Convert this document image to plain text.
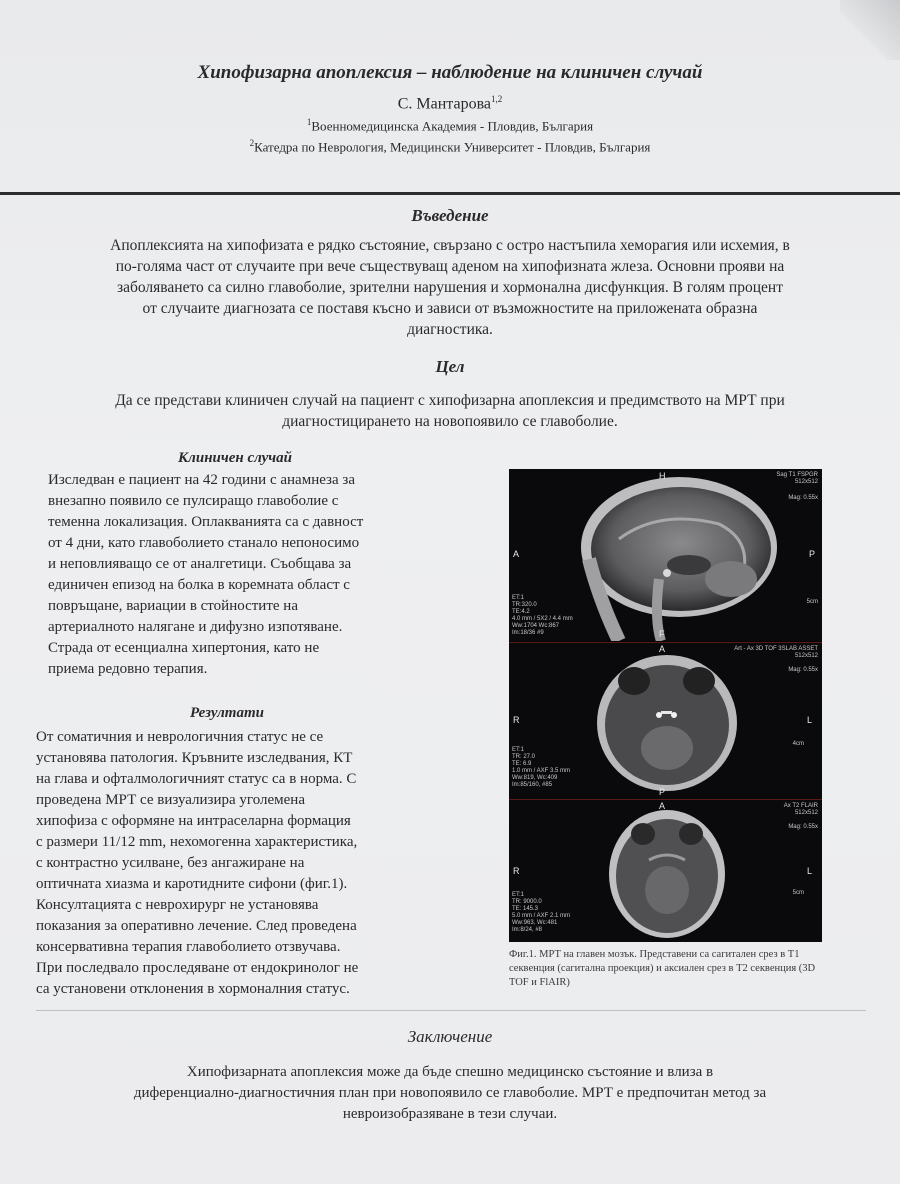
Хипофизарна апоплексия – наблюдение на клиничен случай
С. Мантарова$^{1,2}$
$^1$Военномедицинска Академия - Пловдив, България
$^2$Катедра по Неврология, Медицински Университет - Пловдив, България
Въведение
Апоплексията на хипофизата е рядко състояние, свързано с остро настъпила хеморагия или исхемия, в
по-голяма част от случаите при вече съществуващ аденом на хипофизната жлеза. Основни прояви на
заболяването са силно главоболие, зрителни нарушения и хормонална дисфункция. В голям процент
от случаите диагнозата се поставя късно и зависи от възможностите на приложената образна
диагностика.
Цел
Да се представи клиничен случай на пациент с хипофизарна апоплексия и предимството на МРТ при
диагностицирането на новопоявило се главоболие.
Клиничен случай
Изследван е пациент на 42 години с анамнеза за
внезапно появило се пулсиращо главоболие с
теменна локализация. Оплакванията са с давност
от 4 дни, като главоболието станало непоносимо
и неповлияващо се от аналгетици. Съобщава за
единичен епизод на болка в коремната област с
повръщане, вариации в стойностите на
артериалното налягане и дифузно изпотяване.
Страда от есенциална хипертония, като не
приема редовно терапия.
Резултати
От соматичния и неврологичния статус не се
установява патология. Кръвните изследвания, КТ
на глава и офталмологичният статус са в норма. С
проведена МРТ се визуализира уголемена
хипофиза с оформяне на интраселарна формация
с размери 11/12 mm, нехомогенна характеристика,
с контрастно усилване, без ангажиране на
оптичната хиазма и каротидните сифони (фиг.1).
Консултацията с неврохирург не установява
показания за оперативно лечение. След проведена
консервативна терапия главоболието отзвучава.
При последвало проследяване от ендокринолог не
са установени отклонения в хормоналния статус.
H
A	P
F
Sag T1 FSPGR
512x512
Mag: 0.55x
5cm
ET:1
TR:320.0
TE:4.2
4.0 mm / 5X2 / 4.4 mm
Ww:1704 Wc:867
Im:18/36 #9
A
R	L
P
Art - Ax 3D TOF 3SLAB ASSET
512x512
Mag: 0.55x
4cm
ET:1
TR: 27.0
TE: 6.9
1.0 mm / AXF 3.5 mm
Ww:819, Wc:409
Im:85/160, #85
A
R	L
Ax T2 FLAIR
512x512
Mag: 0.55x
5cm
ET:1
TR: 9000.0
TE: 145.3
5.0 mm / AXF 2.1 mm
Ww:963, Wc:481
Im:8/24, #8
Фиг.1. МРТ на главен мозък. Представени са сагитален срез в Т1 секвенция (сагитална проекция) и аксиален срез в Т2 секвенция (3D TOF и FlAIR)
Заключение
Хипофизарната апоплексия може да бъде спешно медицинско състояние и влиза в
диференциално-диагностичния план при новопоявило се главоболие. МРТ е предпочитан метод за
невроизобразяване в тези случаи.
